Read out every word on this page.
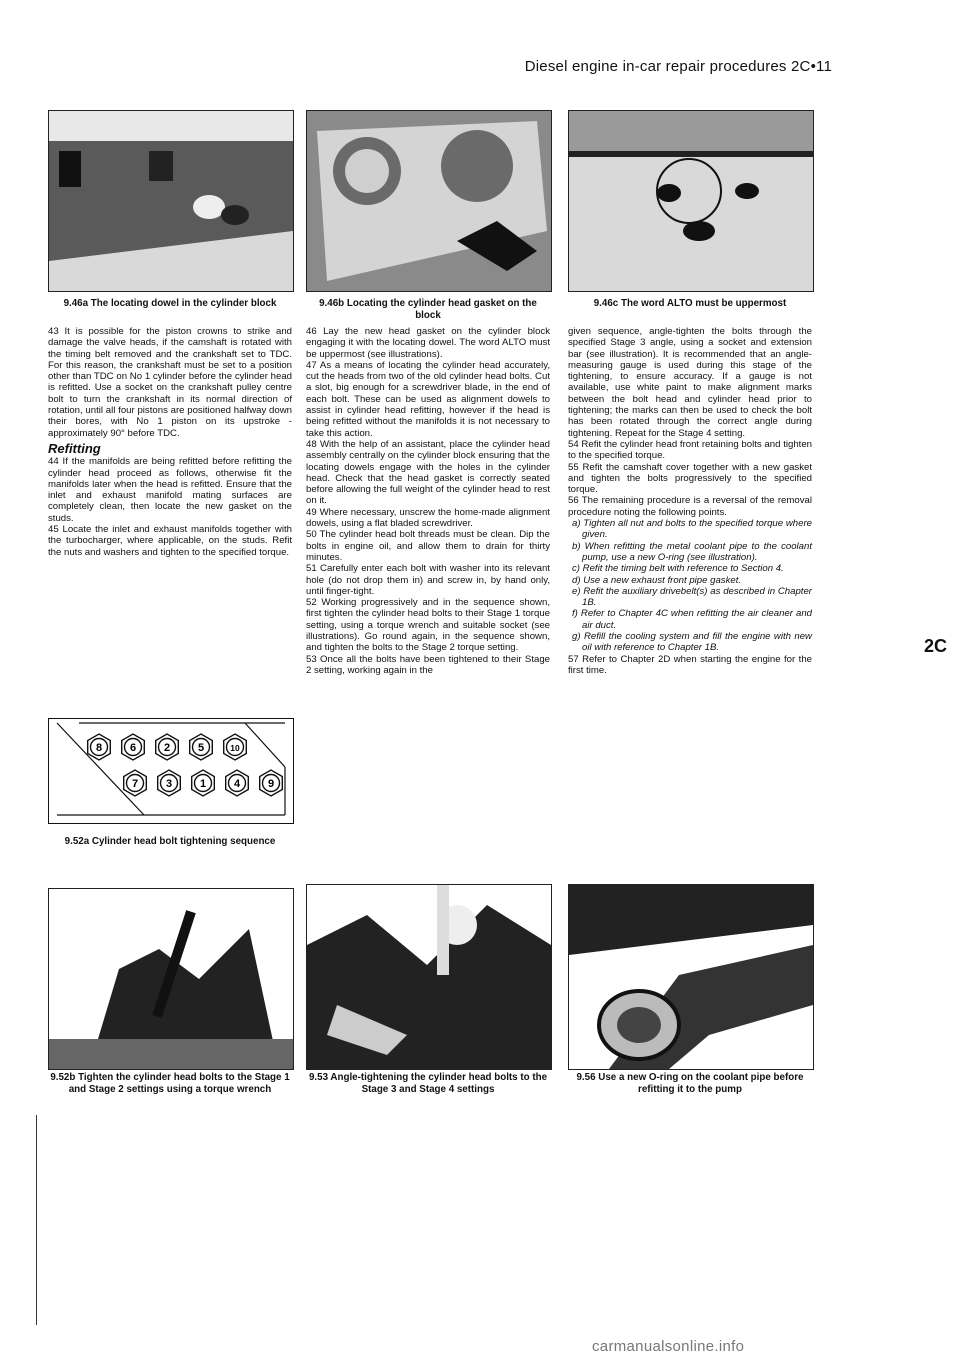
Diesel engine in-car repair procedures 2C•11
2C
9.46a The locating dowel in the cylinder block	9.46b Locating the cylinder head gasket on the block
9.46c The word ALTO must be uppermost

43 It is possible for the piston crowns to strike and damage the valve heads, if the camshaft is rotated with the timing belt removed and the crankshaft set to TDC. For this reason, the crankshaft must be set to a position other than TDC on No 1 cylinder before the cylinder head is refitted. Use a socket on the crankshaft pulley centre bolt to turn the crankshaft in its normal direction of rotation, until all four pistons are positioned halfway down their bores, with No 1 piston on its upstroke - approximately 90° before TDC.

Refitting

44 If the manifolds are being refitted before refitting the cylinder head proceed as follows, otherwise fit the manifolds later when the head is refitted. Ensure that the inlet and exhaust manifold mating surfaces are completely clean, then locate the new gasket on the studs.

45 Locate the inlet and exhaust manifolds together with the turbocharger, where applicable, on the studs. Refit the nuts and washers and tighten to the specified torque.

8	6	2	5	10
7	3	1	4	9
9.52a Cylinder head bolt tightening sequence
9.52b Tighten the cylinder head bolts to the Stage 1 and Stage 2 settings using a torque wrench

46 Lay the new head gasket on the cylinder block engaging it with the locating dowel. The word ALTO must be uppermost (see illustrations).

47 As a means of locating the cylinder head accurately, cut the heads from two of the old cylinder head bolts. Cut a slot, big enough for a screwdriver blade, in the end of each bolt. These can be used as alignment dowels to assist in cylinder head refitting, however if the head is being refitted without the manifolds it is not necessary to take this action.

48 With the help of an assistant, place the cylinder head assembly centrally on the cylinder block ensuring that the locating dowels engage with the holes in the cylinder head. Check that the head gasket is correctly seated before allowing the full weight of the cylinder head to rest on it.

49 Where necessary, unscrew the home-made alignment dowels, using a flat bladed screwdriver.

50 The cylinder head bolt threads must be clean. Dip the bolts in engine oil, and allow them to drain for thirty minutes.

51 Carefully enter each bolt with washer into its relevant hole (do not drop them in) and screw in, by hand only, until finger-tight.

52 Working progressively and in the sequence shown, first tighten the cylinder head bolts to their Stage 1 torque setting, using a torque wrench and suitable socket (see illustrations). Go round again, in the sequence shown, and tighten the bolts to the Stage 2 torque setting.

53 Once all the bolts have been tightened to their Stage 2 setting, working again in the

9.53 Angle-tightening the cylinder head bolts to the Stage 3 and Stage 4 settings

given sequence, angle-tighten the bolts through the specified Stage 3 angle, using a socket and extension bar (see illustration). It is recommended that an angle-measuring gauge is used during this stage of the tightening, to ensure accuracy. If a gauge is not available, use white paint to make alignment marks between the bolt head and cylinder head prior to tightening; the marks can then be used to check the bolt has been rotated through the correct angle during tightening. Repeat for the Stage 4 setting.

54 Refit the cylinder head front retaining bolts and tighten to the specified torque.

55 Refit the camshaft cover together with a new gasket and tighten the bolts progressively to the specified torque.

56 The remaining procedure is a reversal of the removal procedure noting the following points.

a) Tighten all nut and bolts to the specified torque where given.

b) When refitting the metal coolant pipe to the coolant pump, use a new O-ring (see illustration).

c) Refit the timing belt with reference to Section 4.

d) Use a new exhaust front pipe gasket.

e) Refit the auxiliary drivebelt(s) as described in Chapter 1B.

f) Refer to Chapter 4C when refitting the air cleaner and air duct.

g) Refill the cooling system and fill the engine with new oil with reference to Chapter 1B.

57 Refer to Chapter 2D when starting the engine for the first time.

9.56 Use a new O-ring on the coolant pipe before refitting it to the pump
carmanualsonline.info
